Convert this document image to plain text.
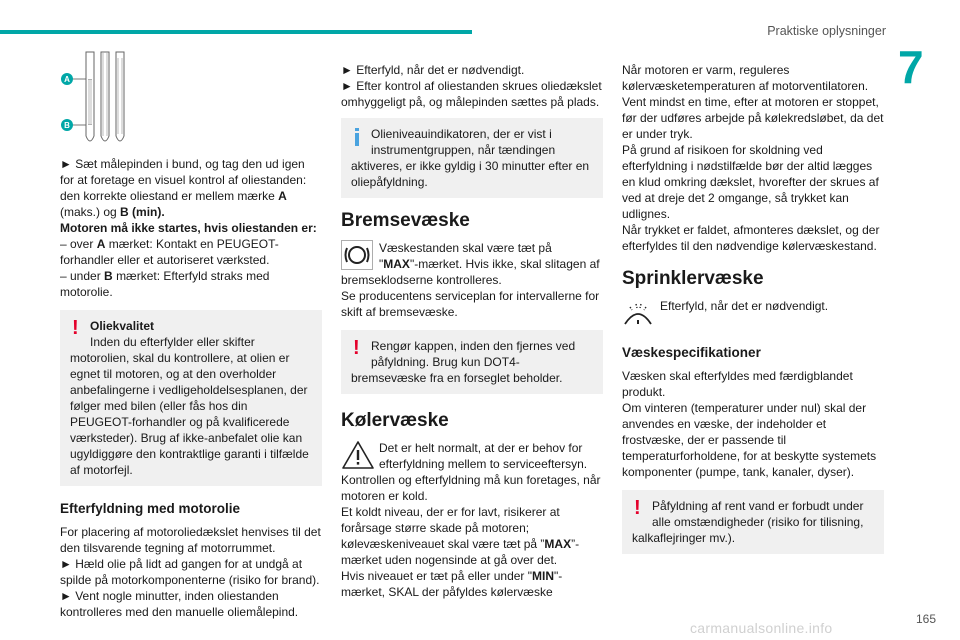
Praktiske oplysninger
7
A
B

► Sæt målepinden i bund, og tag den ud igen for at foretage en visuel kontrol af oliestanden: den korrekte oliestand er mellem mærke A
(maks.) og B (min).

Motoren må ikke startes, hvis oliestanden er:

– over A mærket: Kontakt en PEUGEOT-forhandler eller et autoriseret værksted.

– under B mærket: Efterfyld straks med motorolie.

! Oliekvalitet

Inden du efterfylder eller skifter

motorolien, skal du kontrollere, at olien er egnet til motoren, og at den overholder anbefalingerne i vedligeholdelsesplanen, der følger med bilen (eller fås hos din PEUGEOT-forhandler og på kvalificerede værksteder). Brug af ikke-anbefalet olie kan ugyldiggøre den kontraktlige garanti i tilfælde af motorfejl.

Efterfyldning med motorolie

For placering af motoroliedækslet henvises til det den tilsvarende tegning af motorrummet.

► Hæld olie på lidt ad gangen for at undgå at spilde på motorkomponenterne (risiko for brand).

► Vent nogle minutter, inden oliestanden kontrolleres med den manuelle oliemålepind.

► Efterfyld, når det er nødvendigt.

► Efter kontrol af oliestanden skrues oliedækslet omhyggeligt på, og målepinden sættes på plads.

Olieniveauindikatoren, der er vist i

instrumentgruppen, når tændingen

aktiveres, er ikke gyldig i 30 minutter efter en oliepåfyldning.

Bremsevæske

Væskestanden skal være tæt på

"MAX"-mærket. Hvis ikke, skal slitagen af

bremseklodserne kontrolleres.

Se producentens serviceplan for intervallerne for skift af bremsevæske.

! Rengør kappen, inden den fjernes ved

påfyldning. Brug kun DOT4-

bremsevæske fra en forseglet beholder.

Kølervæske

Det er helt normalt, at der er behov for

efterfyldning mellem to serviceeftersyn.

Kontrollen og efterfyldning må kun foretages, når motoren er kold.

Et koldt niveau, der er for lavt, risikerer at forårsage større skade på motoren; kølevæskeniveauet skal være tæt på ”MAX”-mærket uden nogensinde at gå over det.

Hvis niveauet er tæt på eller under "MIN"-mærket, SKAL der påfyldes kølervæske

Når motoren er varm, reguleres kølervæsketemperaturen af motorventilatoren.

Vent mindst en time, efter at motoren er stoppet, før der udføres arbejde på kølekredsløbet, da det er under tryk.

På grund af risikoen for skoldning ved efterfyldning i nødstilfælde bør der altid lægges en klud omkring dækslet, hvorefter der skrues af ved at dreje det 2 omgange, så trykket kan udlignes.

Når trykket er faldet, afmonteres dækslet, og der efterfyldes til den nødvendige kølervæskestand.

Sprinklervæske

Efterfyld, når det er nødvendigt.

Væskespecifikationer

Væsken skal efterfyldes med færdigblandet produkt.

Om vinteren (temperaturer under nul) skal der anvendes en væske, der indeholder et frostvæske, der er passende til temperaturforholdene, for at beskytte systemets komponenter (pumpe, tank, kanaler, dyser).

! Påfyldning af rent vand er forbudt under

alle omstændigheder (risiko for tilisning,

kalkaflejringer mv.).

carmanualsonline.info
165
